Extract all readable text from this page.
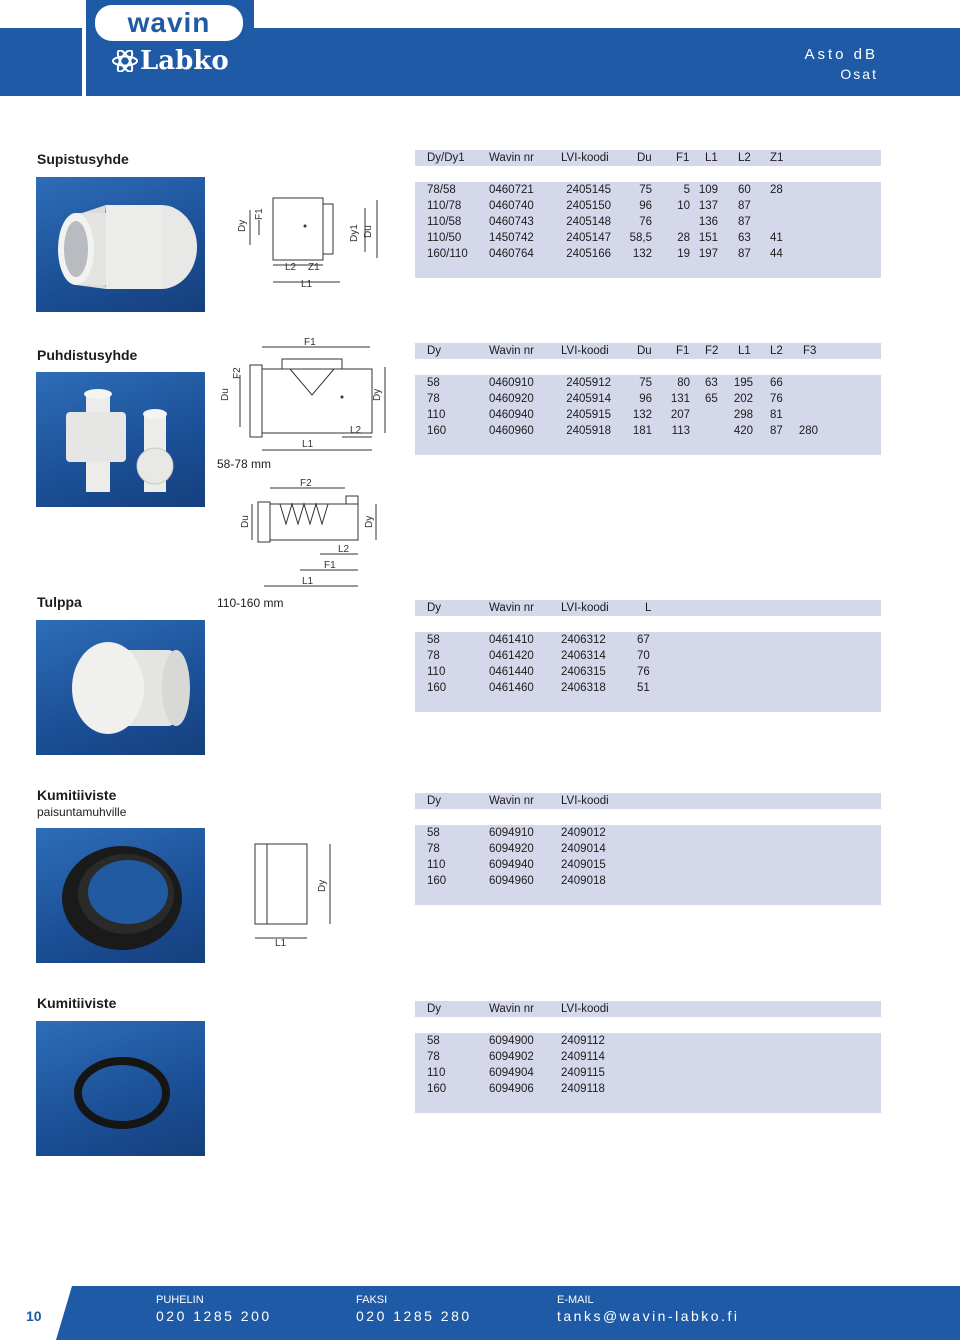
wavin
Labko	Asto dB
Osat
Supistusyhde
Dy
F1
Dy1 Du
L2 Z1
L1
Dy/Dy1 Wavin nr LVI-koodi Du F1 L1 L2 Z1
78/58	0460721	2405145 75	5 109 60 28
110/78 0460740	2405150 96 10 137 87
110/58 0460743	2405148 76	136 87
110/50 1450742	2405147 58,5 28 151 63 41
160/110 0460764	2405166 132 19 197 87 44
Puhdistusyhde
F1
F2
Du	Dy
L1
L2
58-78 mm
F2
Du	Dy
L2
F1
L1
Dy	Wavin nr LVI-koodi Du F1 F2 L1 L2 F3
58	0460910	2405912 75 80 63 195 66
78	0460920	2405914 96 131 65 202 76
110	0460940	2405915 132 207	298 81
160	0460960	2405918 181 113	420 87 280
Tulppa	110-160 mm	Dy	Wavin nr LVI-koodi	L
58	0461410 2406312	67
78	0461420 2406314	70
110	0461440 2406315	76
160	0461460 2406318	51
Kumitiiviste
paisuntamuhville
Dy
L1
Dy	Wavin nr LVI-koodi
58	6094910 2409012
78	6094920 2409014
110	6094940 2409015
160	6094960 2409018
Kumitiiviste	Dy	Wavin nr LVI-koodi
58	6094900 2409112
78	6094902 2409114
110	6094904 2409115
160	6094906 2409118
10
PUHELIN
020 1285 200
FAKSI
020 1285 280
E-MAIL
tanks@wavin-labko.fi
